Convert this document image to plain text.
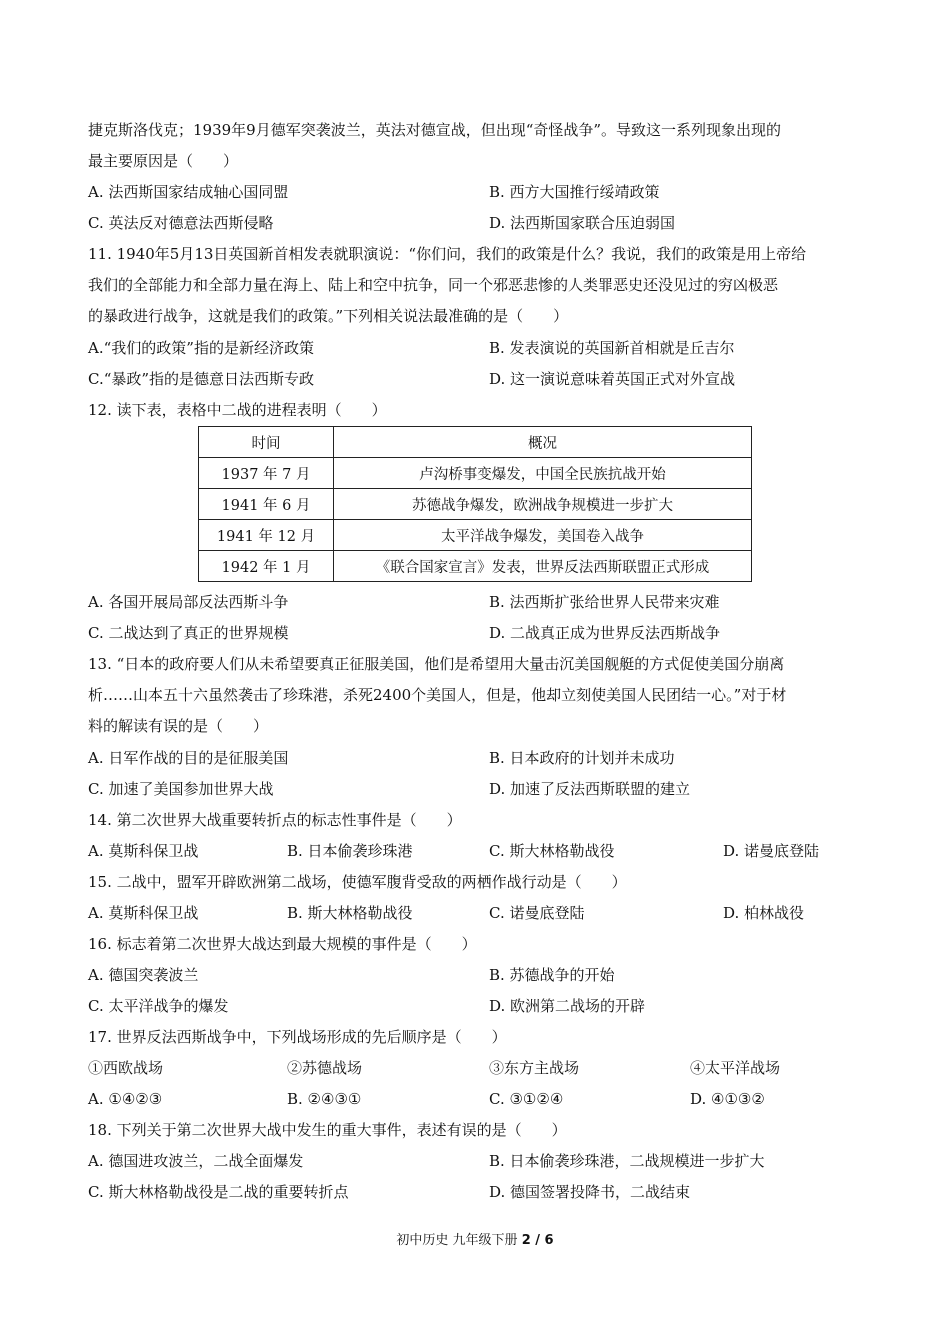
捷克斯洛伐克；1939年9月德军突袭波兰，英法对德宣战，但出现“奇怪战争”。导致这一系列现象出现的
最主要原因是（　　）
A. 法西斯国家结成轴心国同盟	B. 西方大国推行绥靖政策
C. 英法反对德意法西斯侵略	D. 法西斯国家联合压迫弱国
11. 1940年5月13日英国新首相发表就职演说：“你们问，我们的政策是什么？我说，我们的政策是用上帝给
我们的全部能力和全部力量在海上、陆上和空中抗争，同一个邪恶悲惨的人类罪恶史还没见过的穷凶极恶
的暴政进行战争，这就是我们的政策。”下列相关说法最准确的是（　　）
A.“我们的政策”指的是新经济政策	B. 发表演说的英国新首相就是丘吉尔
C.“暴政”指的是德意日法西斯专政	D. 这一演说意味着英国正式对外宣战
12. 读下表，表格中二战的进程表明（　　）
时间	概况
1937 年 7 月	卢沟桥事变爆发，中国全民族抗战开始
1941 年 6 月	苏德战争爆发，欧洲战争规模进一步扩大
1941 年 12 月	太平洋战争爆发，美国卷入战争
1942 年 1 月	《联合国家宣言》发表，世界反法西斯联盟正式形成
A. 各国开展局部反法西斯斗争	B. 法西斯扩张给世界人民带来灾难
C. 二战达到了真正的世界规模	D. 二战真正成为世界反法西斯战争
13. “日本的政府要人们从未希望要真正征服美国，他们是希望用大量击沉美国舰艇的方式促使美国分崩离
析……山本五十六虽然袭击了珍珠港，杀死2400个美国人，但是，他却立刻使美国人民团结一心。”对于材
料的解读有误的是（　　）
A. 日军作战的目的是征服美国	B. 日本政府的计划并未成功
C. 加速了美国参加世界大战	D. 加速了反法西斯联盟的建立
14. 第二次世界大战重要转折点的标志性事件是（　　）
A. 莫斯科保卫战	B. 日本偷袭珍珠港	C. 斯大林格勒战役	D. 诺曼底登陆
15. 二战中，盟军开辟欧洲第二战场，使德军腹背受敌的两栖作战行动是（　　）
A. 莫斯科保卫战	B. 斯大林格勒战役	C. 诺曼底登陆	D. 柏林战役
16. 标志着第二次世界大战达到最大规模的事件是（　　）
A. 德国突袭波兰	B. 苏德战争的开始
C. 太平洋战争的爆发	D. 欧洲第二战场的开辟
17. 世界反法西斯战争中，下列战场形成的先后顺序是（　　）
①西欧战场	②苏德战场	③东方主战场	④太平洋战场
A. ①④②③	B. ②④③①	C. ③①②④	D. ④①③②
18. 下列关于第二次世界大战中发生的重大事件，表述有误的是（　　）
A. 德国进攻波兰，二战全面爆发	B. 日本偷袭珍珠港，二战规模进一步扩大
C. 斯大林格勒战役是二战的重要转折点	D. 德国签署投降书，二战结束
初中历史 九年级下册 2 / 6
